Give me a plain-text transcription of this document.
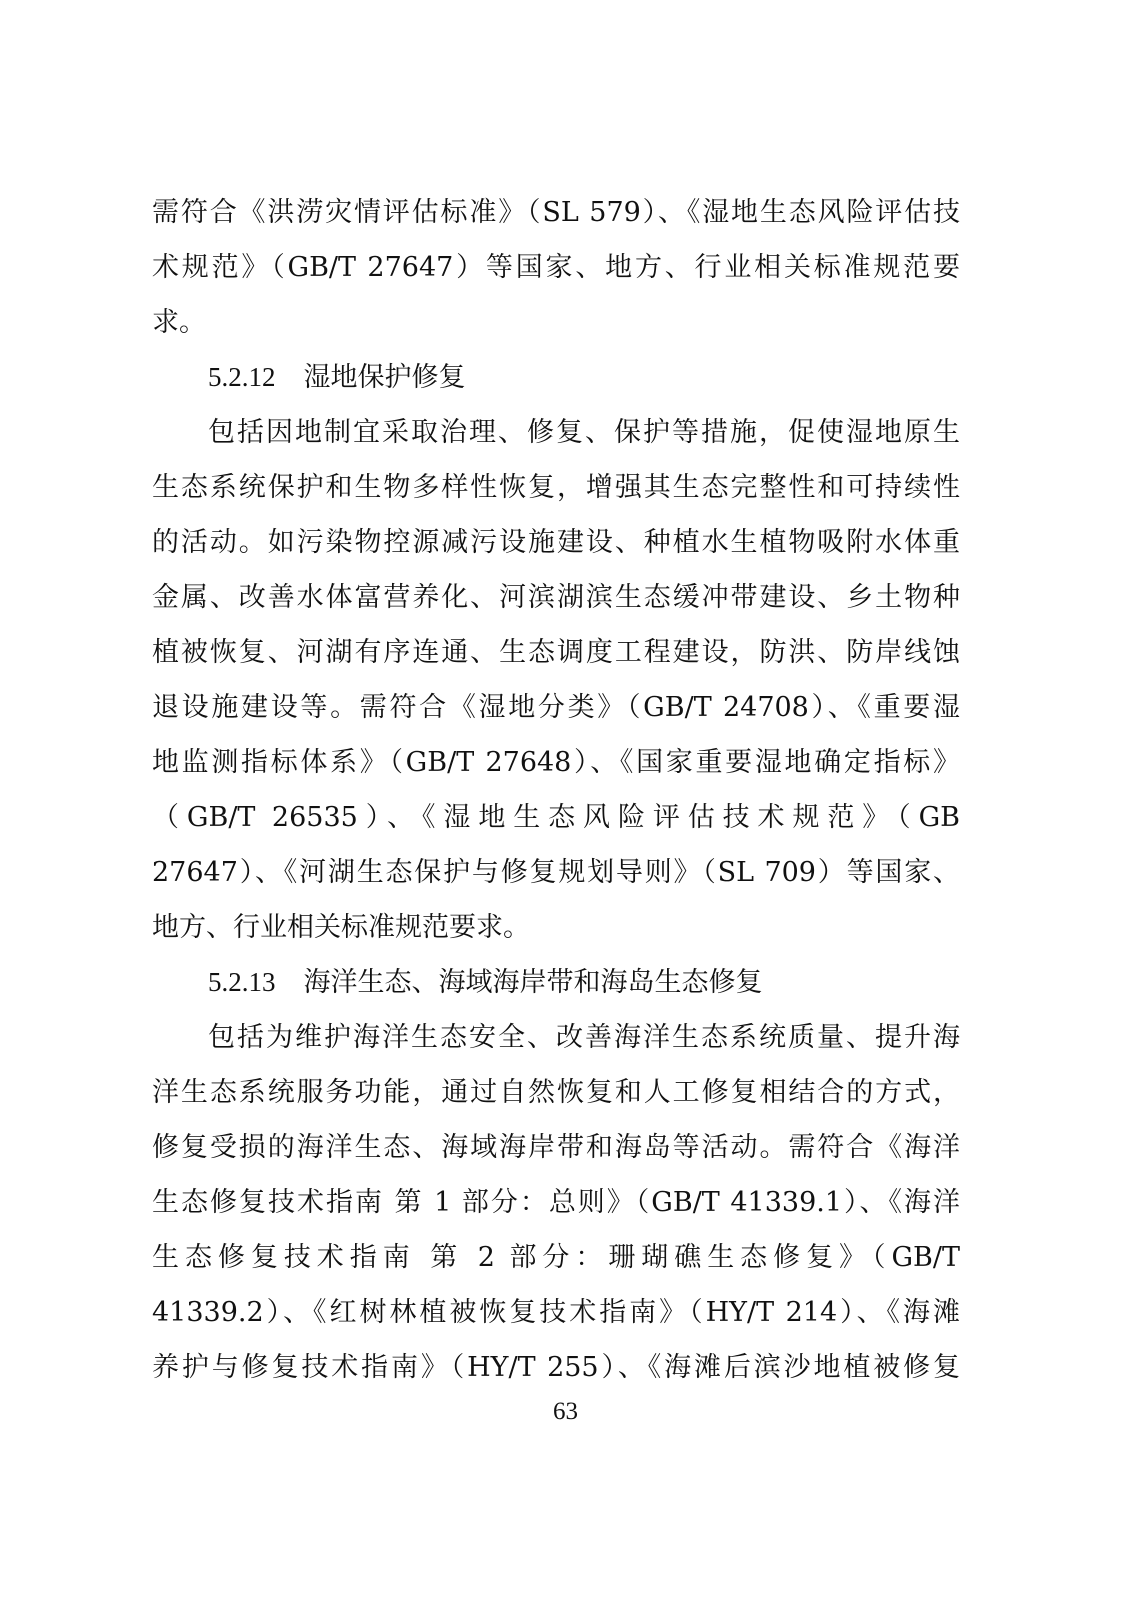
需符合《洪涝灾情评估标准》（SL 579）、《湿地生态风险评估技
术规范》（GB/T 27647）等国家、地方、行业相关标准规范要
求。
5.2.12 湿地保护修复
包括因地制宜采取治理、修复、保护等措施，促使湿地原生
生态系统保护和生物多样性恢复，增强其生态完整性和可持续性
的活动。如污染物控源减污设施建设、种植水生植物吸附水体重
金属、改善水体富营养化、河滨湖滨生态缓冲带建设、乡土物种
植被恢复、河湖有序连通、生态调度工程建设，防洪、防岸线蚀
退设施建设等。需符合《湿地分类》（GB/T 24708）、《重要湿
地监测指标体系》（GB/T 27648）、《国家重要湿地确定指标》
（GB/T 26535）、《湿地生态风险评估技术规范》（GB
27647）、《河湖生态保护与修复规划导则》（SL 709）等国家、
地方、行业相关标准规范要求。
5.2.13 海洋生态、海域海岸带和海岛生态修复
包括为维护海洋生态安全、改善海洋生态系统质量、提升海
洋生态系统服务功能，通过自然恢复和人工修复相结合的方式，
修复受损的海洋生态、海域海岸带和海岛等活动。需符合《海洋
生态修复技术指南 第 1 部分：总则》（GB/T 41339.1）、《海洋
生态修复技术指南 第 2 部分：珊瑚礁生态修复》（GB/T
41339.2）、《红树林植被恢复技术指南》（HY/T 214）、《海滩
养护与修复技术指南》（HY/T 255）、《海滩后滨沙地植被修复
63
